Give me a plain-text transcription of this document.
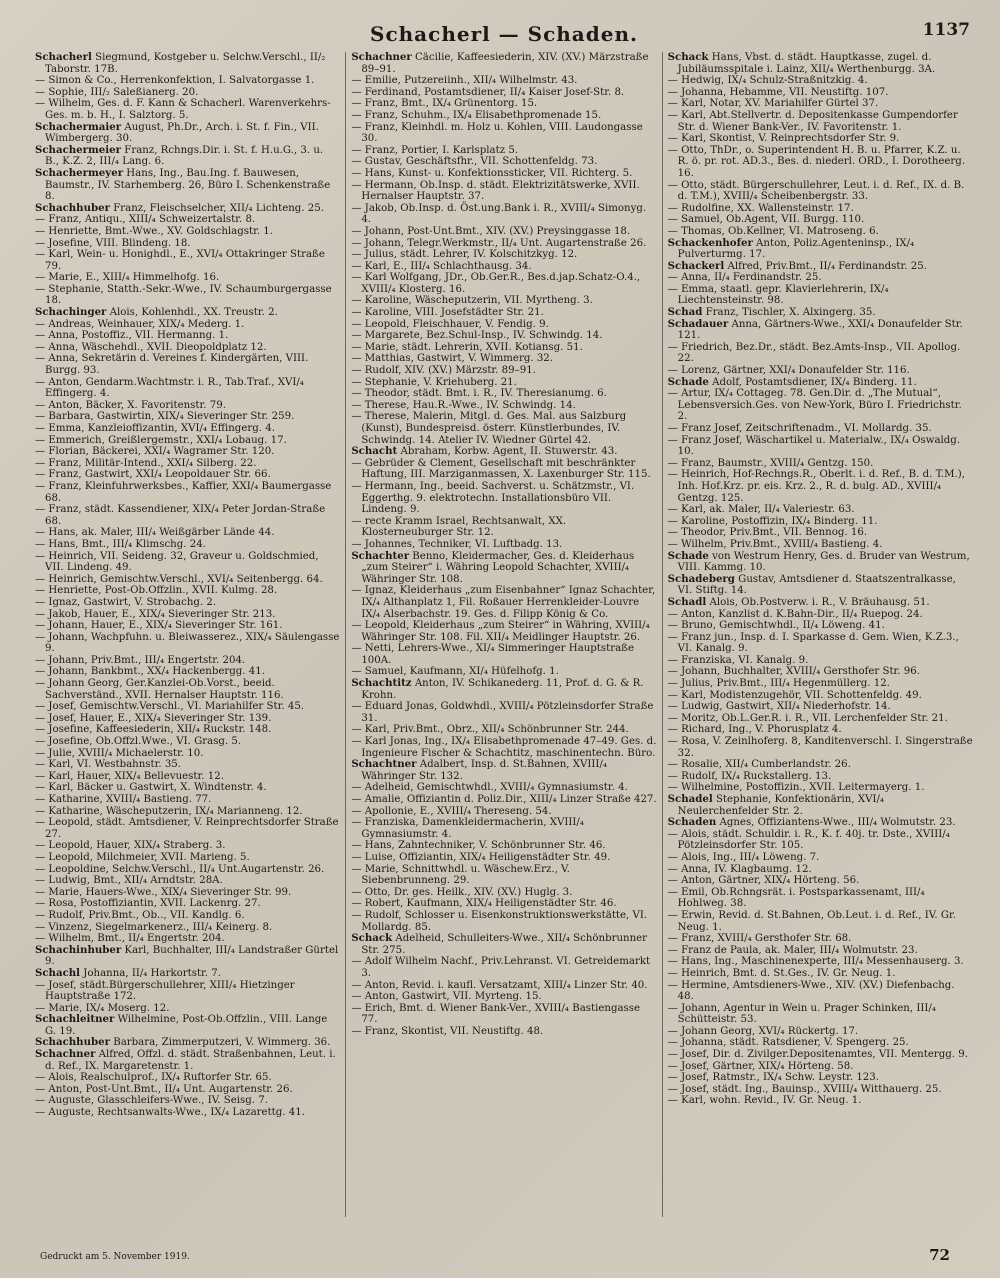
Schacherl — Schaden.	1137

Schacherl Siegmund, Kostgeber u. Selchw.Verschl., II/₂ Taborstr. 17B.

— Simon & Co., Herrenkonfektion, I. Salvatorgasse 1.

— Sophie, III/₂ Saleßianerg. 20.

— Wilhelm, Ges. d. F. Kann & Schacherl. Warenverkehrs-Ges. m. b. H., I. Salztorg. 5.

Schachermaier August, Ph.Dr., Arch. i. St. f. Fin., VII. Wimbergerg. 30.

Schachermeier Franz, Rchngs.Dir. i. St. f. H.u.G., 3. u. B., K.Z. 2, III/₄ Lang. 6.

Schachermeyer Hans, Ing., Bau.Ing. f. Bauwesen, Baumstr., IV. Starhemberg. 26, Büro I. Schenkenstraße 8.

Schachhuber Franz, Fleischselcher, XII/₄ Lichteng. 25.

— Franz, Antiqu., XIII/₄ Schweizertalstr. 8.

— Henriette, Bmt.-Wwe., XV. Goldschlagstr. 1.

— Josefine, VIII. Blindeng. 18.

— Karl, Wein- u. Honighdl., E., XVI/₄ Ottakringer Straße 79.

— Marie, E., XIII/₄ Himmelhofg. 16.

— Stephanie, Statth.-Sekr.-Wwe., IV. Schaumburgergasse 18.

Schachinger Alois, Kohlenhdl., XX. Treustr. 2.

— Andreas, Weinhauer, XIX/₄ Mederg. 1.

— Anna, Postoffiz., VII. Hermanng. 1.

— Anna, Wäschehdl., XVII. Dieopoldplatz 12.

— Anna, Sekretärin d. Vereines f. Kindergärten, VIII. Burgg. 93.

— Anton, Gendarm.Wachtmstr. i. R., Tab.Traf., XVI/₄ Effingerg. 4.

— Anton, Bäcker, X. Favoritenstr. 79.

— Barbara, Gastwirtin, XIX/₄ Sieveringer Str. 259.

— Emma, Kanzleioffizantin, XVI/₄ Effingerg. 4.

— Emmerich, Greißlergemstr., XXI/₄ Lobaug. 17.

— Florian, Bäckerei, XXI/₄ Wagramer Str. 120.

— Franz, Militär-Intend., XXI/₄ Silberg. 22.

— Franz, Gastwirt, XXI/₄ Leopoldauer Str. 66.

— Franz, Kleinfuhrwerksbes., Kaffier, XXI/₄ Baumergasse 68.

— Franz, städt. Kassendiener, XIX/₄ Peter Jordan-Straße 68.

— Hans, ak. Maler, III/₄ Weißgärber Lände 44.

— Hans, Bmt., III/₄ Klimschg. 24.

— Heinrich, VII. Seideng. 32, Graveur u. Goldschmied, VII. Lindeng. 49.

— Heinrich, Gemischtw.Verschl., XVI/₄ Seitenbergg. 64.

— Henriette, Post-Ob.Offzlin., XVII. Kulmg. 28.

— Ignaz, Gastwirt, V. Strobachg. 2.

— Jakob, Hauer, E., XIX/₄ Sieveringer Str. 213.

— Johann, Hauer, E., XIX/₄ Sieveringer Str. 161.

— Johann, Wachpfuhn. u. Bleiwasserez., XIX/₄ Säulengasse 9.

— Johann, Priv.Bmt., III/₄ Engertstr. 204.

— Johann, Bankbmt., XX/₄ Hackenbergg. 41.

— Johann Georg, Ger.Kanzlei-Ob.Vorst., beeid. Sachverständ., XVII. Hernalser Hauptstr. 116.

— Josef, Gemischtw.Verschl., VI. Mariahilfer Str. 45.

— Josef, Hauer, E., XIX/₄ Sieveringer Str. 139.

— Josefine, Kaffeesiederin, XII/₄ Ruckstr. 148.

— Josefine, Ob.Offzl.Wwe., VI. Grasg. 5.

— Julie, XVIII/₄ Michaelerstr. 10.

— Karl, VI. Westbahnstr. 35.

— Karl, Hauer, XIX/₄ Bellevuestr. 12.

— Karl, Bäcker u. Gastwirt, X. Windtenstr. 4.

— Katharine, XVIII/₄ Bastieng. 77.

— Katharine, Wäscheputzerin, IX/₄ Marianneng. 12.

— Leopold, städt. Amtsdiener, V. Reinprechtsdorfer Straße 27.

— Leopold, Hauer, XIX/₄ Straberg. 3.

— Leopold, Milchmeier, XVII. Marieng. 5.

— Leopoldine, Selchw.Verschl., II/₄ Unt.Augartenstr. 26.

— Ludwig, Bmt., XII/₄ Arndtstr. 28A.

— Marie, Hauers-Wwe., XIX/₄ Sieveringer Str. 99.

— Rosa, Postoffiziantin, XVII. Lackenrg. 27.

— Rudolf, Priv.Bmt., Ob.., VII. Kandlg. 6.

— Vinzenz, Siegelmarkenerz., III/₄ Keinerg. 8.

— Wilhelm, Bmt., II/₄ Engertstr. 204.

Schachinhuber Karl, Buchhalter, III/₄ Landstraßer Gürtel 9.

Schachl Johanna, II/₄ Harkortstr. 7.

— Josef, städt.Bürgerschullehrer, XIII/₄ Hietzinger Hauptstraße 172.

— Marie, IX/₄ Moserg. 12.

Schachleitner Wilhelmine, Post-Ob.Offzlin., VIII. Lange G. 19.

Schachhuber Barbara, Zimmerputzeri, V. Wimmerg. 36.

Schachner Alfred, Offzl. d. städt. Straßenbahnen, Leut. i. d. Ref., IX. Margaretenstr. 1.

— Alois, Realschulprof., IX/₄ Ruftorfer Str. 65.

— Anton, Post-Unt.Bmt., II/₄ Unt. Augartenstr. 26.

— Auguste, Glasschleifers-Wwe., IV. Seisg. 7.

— Auguste, Rechtsanwalts-Wwe., IX/₄ Lazarettg. 41.

Schachner Cäcilie, Kaffeesiederin, XIV. (XV.) Märzstraße 89–91.

— Emilie, Putzereiinh., XII/₄ Wilhelmstr. 43.

— Ferdinand, Postamtsdiener, II/₄ Kaiser Josef-Str. 8.

— Franz, Bmt., IX/₄ Grünentorg. 15.

— Franz, Schuhm., IX/₄ Elisabethpromenade 15.

— Franz, Kleinhdl. m. Holz u. Kohlen, VIII. Laudongasse 30.

— Franz, Portier, I. Karlsplatz 5.

— Gustav, Geschäftsfhr., VII. Schottenfeldg. 73.

— Hans, Kunst- u. Konfektionssticker, VII. Richterg. 5.

— Hermann, Ob.Insp. d. städt. Elektrizitätswerke, XVII. Hernalser Hauptstr. 37.

— Jakob, Ob.Insp. d. Öst.ung.Bank i. R., XVIII/₄ Simonyg. 4.

— Johann, Post-Unt.Bmt., XIV. (XV.) Preysinggasse 18.

— Johann, Telegr.Werkmstr., II/₄ Unt. Augartenstraße 26.

— Julius, städt. Lehrer, IV. Kolschitzkyg. 12.

— Karl, E., III/₄ Schlachthausg. 34.

— Karl Wolfgang, JDr., Ob.Ger.R., Bes.d.jap.Schatz-O.4., XVIII/₄ Klosterg. 16.

— Karoline, Wäscheputzerin, VII. Myrtheng. 3.

— Karoline, VIII. Josefstädter Str. 21.

— Leopold, Fleischhauer, V. Fendig. 9.

— Margarete, Bez.Schul-Insp., IV. Schwindg. 14.

— Marie, städt. Lehrerin, XVII. Kotiansg. 51.

— Matthias, Gastwirt, V. Wimmerg. 32.

— Rudolf, XIV. (XV.) Märzstr. 89–91.

— Stephanie, V. Kriehuberg. 21.

— Theodor, städt. Bmt. i. R., IV. Theresianumg. 6.

— Therese, Hau.R.-Wwe., IV. Schwindg. 14.

— Therese, Malerin, Mitgl. d. Ges. Mal. aus Salzburg (Kunst), Bundespreisd. österr. Künstlerbundes, IV. Schwindg. 14. Atelier IV. Wiedner Gürtel 42.

Schacht Abraham, Korbw. Agent, II. Stuwerstr. 43.

— Gebrüder & Clement, Gesellschaft mit beschränkter Haftung, III. Marziganmassen, X. Laxenburger Str. 115.

— Hermann, Ing., beeid. Sachverst. u. Schätzmstr., VI. Eggerthg. 9. elektrotechn. Installationsbüro VII. Lindeng. 9.

— recte Kramm Israel, Rechtsanwalt, XX. Klosterneuburger Str. 12.

— Johannes, Techniker, VI. Luftbadg. 13.

Schachter Benno, Kleidermacher, Ges. d. Kleiderhaus „zum Steirer“ i. Währing Leopold Schachter, XVIII/₄ Währinger Str. 108.

— Ignaz, Kleiderhaus „zum Eisenbahner“ Ignaz Schachter, IX/₄ Althanplatz 1, Fil. Roßauer Herrenkleider-Louvre IX/₄ Alserbachstr. 19. Ges. d. Filipp König & Co.

— Leopold, Kleiderhaus „zum Steirer“ in Währing, XVIII/₄ Währinger Str. 108. Fil. XII/₄ Meidlinger Hauptstr. 26.

— Netti, Lehrers-Wwe., XI/₄ Simmeringer Hauptstraße 100A.

— Samuel, Kaufmann, XI/₄ Hüfelhofg. 1.

Schachtitz Anton, IV. Schikanederg. 11, Prof. d. G. & R. Krohn.

— Eduard Jonas, Goldwhdl., XVIII/₄ Pötzleinsdorfer Straße 31.

— Karl, Priv.Bmt., Obrz., XII/₄ Schönbrunner Str. 244.

— Karl Jonas, Ing., IX/₄ Elisabethpromenade 47–49. Ges. d. Ingenieure Fischer & Schachtitz, maschinentechn. Büro.

Schachtner Adalbert, Insp. d. St.Bahnen, XVIII/₄ Währinger Str. 132.

— Adelheid, Gemischtwhdl., XVIII/₄ Gymnasiumstr. 4.

— Amalie, Offiziantin d. Poliz.Dir., XIII/₄ Linzer Straße 427.

— Apollonie, E., XVIII/₄ Thereseng. 54.

— Franziska, Damenkleidermacherin, XVIII/₄ Gymnasiumstr. 4.

— Hans, Zahntechniker, V. Schönbrunner Str. 46.

— Luise, Offiziantin, XIX/₄ Heiligenstädter Str. 49.

— Marie, Schnittwhdl. u. Wäschew.Erz., V. Siebenbrunneng. 29.

— Otto, Dr. ges. Heilk., XIV. (XV.) Huglg. 3.

— Robert, Kaufmann, XIX/₄ Heiligenstädter Str. 46.

— Rudolf, Schlosser u. Eisenkonstruktionswerkstätte, VI. Mollardg. 85.

Schack Adelheid, Schulleiters-Wwe., XII/₄ Schönbrunner Str. 275.

— Adolf Wilhelm Nachf., Priv.Lehranst. VI. Getreidemarkt 3.

— Anton, Revid. i. kaufl. Versatzamt, XIII/₄ Linzer Str. 40.

— Anton, Gastwirt, VII. Myrteng. 15.

— Erich, Bmt. d. Wiener Bank-Ver., XVIII/₄ Bastiengasse 77.

— Franz, Skontist, VII. Neustiftg. 48.

Schack Hans, Vbst. d. städt. Hauptkasse, zugel. d. Jubiläumsspitale i. Lainz, XII/₄ Werthenburgg. 3A.

— Hedwig, IX/₄ Schulz-Straßnitzkig. 4.

— Johanna, Hebamme, VII. Neustiftg. 107.

— Karl, Notar, XV. Mariahilfer Gürtel 37.

— Karl, Abt.Stellvertr. d. Depositenkasse Gumpendorfer Str. d. Wiener Bank-Ver., IV. Favoritenstr. 1.

— Karl, Skontist, V. Reinprechtsdorfer Str. 9.

— Otto, ThDr., o. Superintendent H. B. u. Pfarrer, K.Z. u. R. ö. pr. rot. AD.3., Bes. d. niederl. ORD., I. Dorotheerg. 16.

— Otto, städt. Bürgerschullehrer, Leut. i. d. Ref., IX. d. B. d. T.M.), XVIII/₄ Scheibenbergstr. 33.

— Rudolfine, XX. Wallensteinstr. 17.

— Samuel, Ob.Agent, VII. Burgg. 110.

— Thomas, Ob.Kellner, VI. Matroseng. 6.

Schackenhofer Anton, Poliz.Agenteninsp., IX/₄ Pulverturmg. 17.

Schackerl Alfred, Priv.Bmt., II/₄ Ferdinandstr. 25.

— Anna, II/₄ Ferdinandstr. 25.

— Emma, staatl. gepr. Klavierlehrerin, IX/₄ Liechtensteinstr. 98.

Schad Franz, Tischler, X. Alxingerg. 35.

Schadauer Anna, Gärtners-Wwe., XXI/₄ Donaufelder Str. 121.

— Friedrich, Bez.Dr., städt. Bez.Amts-Insp., VII. Apollog. 22.

— Lorenz, Gärtner, XXI/₄ Donaufelder Str. 116.

Schade Adolf, Postamtsdiener, IX/₄ Binderg. 11.

— Artur, IX/₄ Cottageg. 78. Gen.Dir. d. „The Mutual“, Lebensversich.Ges. von New-York, Büro I. Friedrichstr. 2.

— Franz Josef, Zeitschriftenadm., VI. Mollardg. 35.

— Franz Josef, Wäschartikel u. Materialw., IX/₄ Oswaldg. 10.

— Franz, Baumstr., XVIII/₄ Gentzg. 150.

— Heinrich, Hof-Rechngs.R., Oberlt. i. d. Ref., B. d. T.M.), Inh. Hof.Krz. pr. eis. Krz. 2., R. d. bulg. AD., XVIII/₄ Gentzg. 125.

— Karl, ak. Maler, II/₄ Valeriestr. 63.

— Karoline, Postoffizin, IX/₄ Binderg. 11.

— Theodor, Priv.Bmt., VII. Bennog. 16.

— Wilhelm, Priv.Bmt., XVIII/₄ Bastieng. 4.

Schade von Westrum Henry, Ges. d. Bruder van Westrum, VIII. Kammg. 10.

Schadeberg Gustav, Amtsdiener d. Staatszentralkasse, VI. Stiftg. 14.

Schadl Alois, Ob.Postverw. i. R., V. Bräuhausg. 51.

— Anton, Kanzlist d. K.Bahn-Dir., II/₄ Ruepog. 24.

— Bruno, Gemischtwhdl., II/₄ Löweng. 41.

— Franz jun., Insp. d. I. Sparkasse d. Gem. Wien, K.Z.3., VI. Kanalg. 9.

— Franziska, VI. Kanalg. 9.

— Johann, Buchhalter, XVIII/₄ Gersthofer Str. 96.

— Julius, Priv.Bmt., III/₄ Hegenmüllerg. 12.

— Karl, Modistenzugehör, VII. Schottenfeldg. 49.

— Ludwig, Gastwirt, XII/₄ Niederhofstr. 14.

— Moritz, Ob.L.Ger.R. i. R., VII. Lerchenfelder Str. 21.

— Richard, Ing., V. Phorusplatz 4.

— Rosa, V. Zeinlhoferg. 8, Kanditenverschl. I. Singerstraße 32.

— Rosalie, XII/₄ Cumberlandstr. 26.

— Rudolf, IX/₄ Ruckstallerg. 13.

— Wilhelmine, Postoffizin., XVII. Leitermayerg. 1.

Schadel Stephanie, Konfektionärin, XVI/₄ Neulerchenfelder Str. 2.

Schaden Agnes, Offiziantens-Wwe., III/₄ Wolmutstr. 23.

— Alois, städt. Schuldir. i. R., K. f. 40j. tr. Dste., XVIII/₄ Pötzleinsdorfer Str. 105.

— Alois, Ing., III/₄ Löweng. 7.

— Anna, IV. Klagbaumg. 12.

— Anton, Gärtner, XIX/₄ Hörteng. 56.

— Emil, Ob.Rchngsrät. i. Postsparkassenamt, III/₄ Hohlweg. 38.

— Erwin, Revid. d. St.Bahnen, Ob.Leut. i. d. Ref., IV. Gr. Neug. 1.

— Franz, XVIII/₄ Gersthofer Str. 68.

— Franz de Paula, ak. Maler, III/₄ Wolmutstr. 23.

— Hans, Ing., Maschinenexperte, III/₄ Messenhauserg. 3.

— Heinrich, Bmt. d. St.Ges., IV. Gr. Neug. 1.

— Hermine, Amtsdieners-Wwe., XIV. (XV.) Diefenbachg. 48.

— Johann, Agentur in Wein u. Prager Schinken, III/₄ Schütteistr. 53.

— Johann Georg, XVI/₄ Rückertg. 17.

— Johanna, städt. Ratsdiener, V. Spengerg. 25.

— Josef, Dir. d. Zivilger.Depositenamtes, VII. Mentergg. 9.

— Josef, Gärtner, XIX/₄ Hörteng. 58.

— Josef, Ratmstr., IX/₄ Schw. Leystr. 123.

— Josef, städt. Ing., Bauinsp., XVIII/₄ Witthauerg. 25.

— Karl, wohn. Revid., IV. Gr. Neug. 1.

Gedruckt am 5. November 1919.	72
